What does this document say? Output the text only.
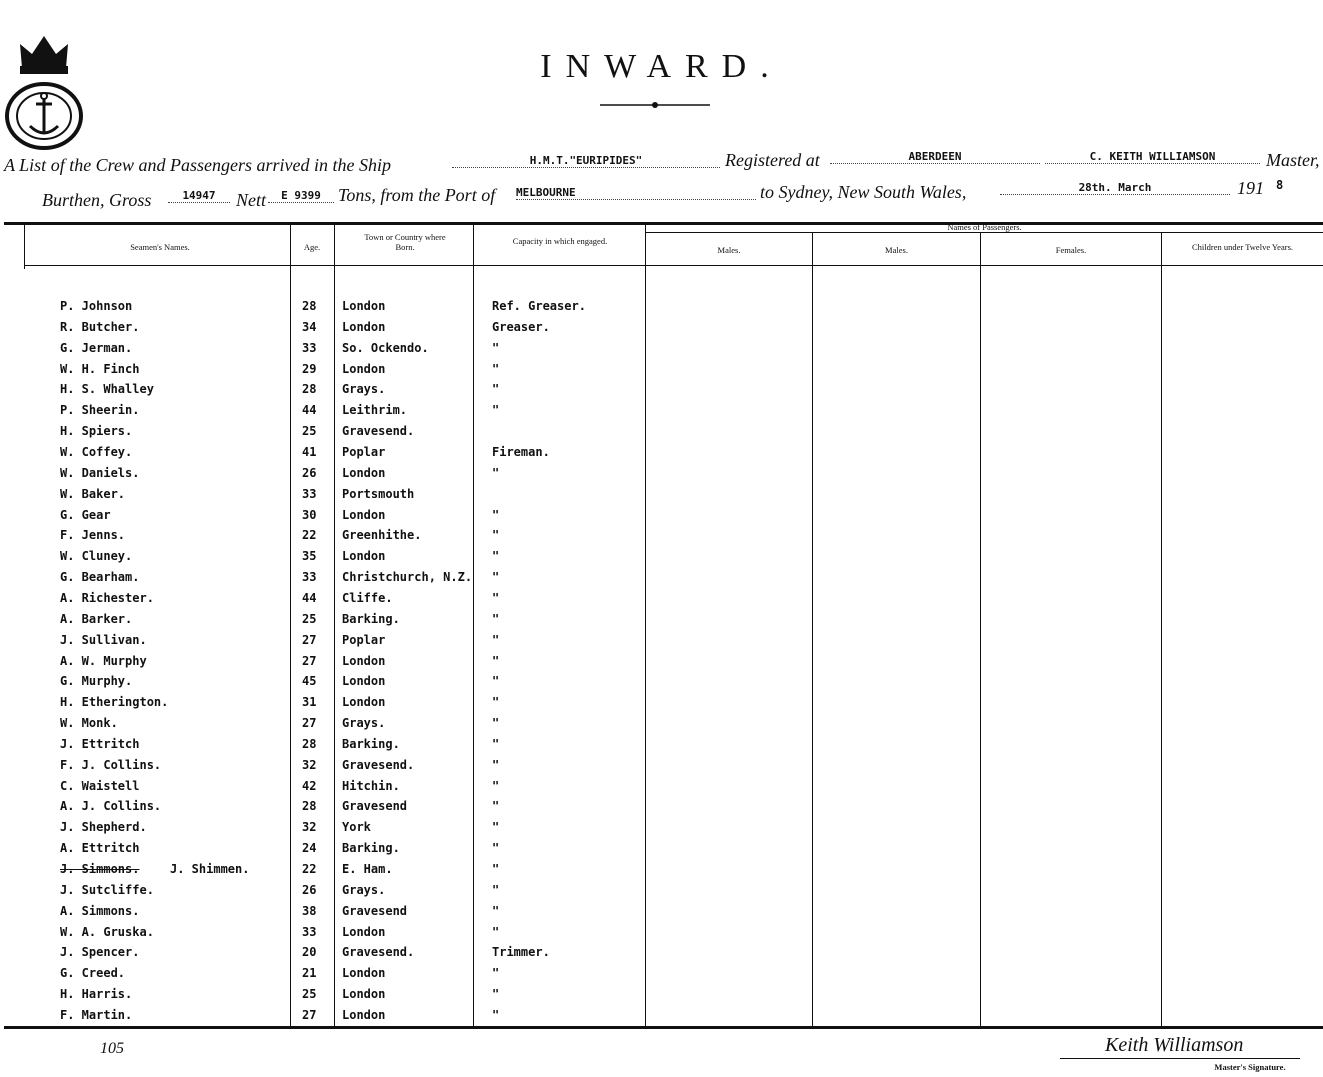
INWARD.
A List of the Crew and Passengers arrived in the Ship	H.M.T."EURIPIDES"	Registered at	ABERDEEN	C. KEITH WILLIAMSON	Master,
Burthen, Gross	14947	Nett	E 9399 Tons, from the Port of MELBOURNE	to Sydney, New South Wales,	28th. March	191 8
Seamen's Names.	Age.
Town or Country where Born.
Capacity in which engaged.
Names of Passengers.
Males.	Males.	Females.	Children under Twelve Years.
P. Johnson	28 London	Ref. Greaser.
R. Butcher.	34 London	Greaser.
G. Jerman.	33 So. Ockendo.	"
W. H. Finch	29 London	"
H. S. Whalley	28 Grays.	"
P. Sheerin.	44 Leithrim.	"
H. Spiers.	25 Gravesend.
W. Coffey.	41 Poplar	Fireman.
W. Daniels.	26 London	"
W. Baker.	33 Portsmouth
G. Gear	30 London	"
F. Jenns.	22 Greenhithe.	"
W. Cluney.	35 London	"
G. Bearham.	33 Christchurch, N.Z. "
A. Richester.	44 Cliffe.	"
A. Barker.	25 Barking.	"
J. Sullivan.	27 Poplar	"
A. W. Murphy	27 London	"
G. Murphy.	45 London	"
H. Etherington.	31 London	"
W. Monk.	27 Grays.	"
J. Ettritch	28 Barking.	"
F. J. Collins.	32 Gravesend.	"
C. Waistell	42 Hitchin.	"
A. J. Collins.	28 Gravesend	"
J. Shepherd.	32 York	"
A. Ettritch	24 Barking.	"
J. Simmons.	J. Shimmen.	22 E. Ham.	"
J. Sutcliffe.	26 Grays.	"
A. Simmons.	38 Gravesend	"
W. A. Gruska.	33 London	"
J. Spencer.	20 Gravesend.	Trimmer.
G. Creed.	21 London	"
H. Harris.	25 London	"
F. Martin.	27 London	"
105	Keith Williamson
Master's Signature.
